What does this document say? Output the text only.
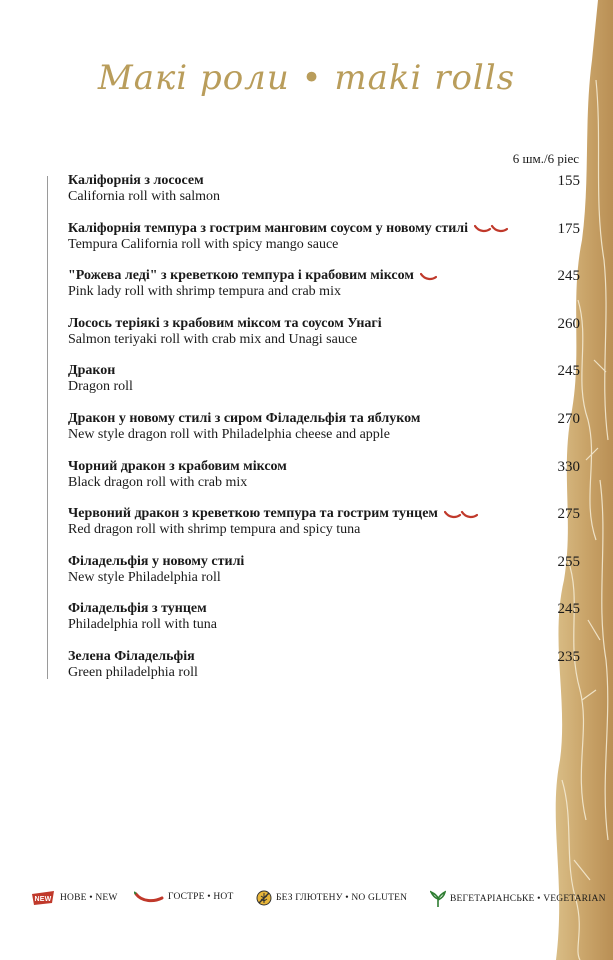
Макі роли • maki rolls
6 шм./6 piec
Каліфорнія з лососем
California roll with salmon
155
Каліфорнія темпура з гострим манговим соусом у новому стилі
Tempura California roll with spicy mango sauce
175
"Рожева леді" з креветкою темпура і крабовим міксом
Pink lady roll with shrimp tempura and crab mix
245
Лосось теріякі з крабовим міксом та соусом Унагі
Salmon teriyaki roll with crab mix and Unagi sauce
260
Дракон
Dragon roll
245
Дракон у новому стилі з сиром Філадельфія та яблуком
New style dragon roll with Philadelphia cheese and apple
270
Чорний дракон з крабовим міксом
Black dragon roll with crab mix
330
Червоний дракон з креветкою темпура та гострим тунцем
Red dragon roll with shrimp tempura and spicy tuna
275
Філадельфія у новому стилі
New style Philadelphia roll
255
Філадельфія з тунцем
Philadelphia roll with tuna
245
Зелена Філадельфія
Green philadelphia roll
235
NEW НОВЕ • NEW	ГОСТРЕ • HOT	БЕЗ ГЛЮТЕНУ • NO GLUTEN	ВЕГЕТАРІАНСЬКЕ • VEGETARIAN
